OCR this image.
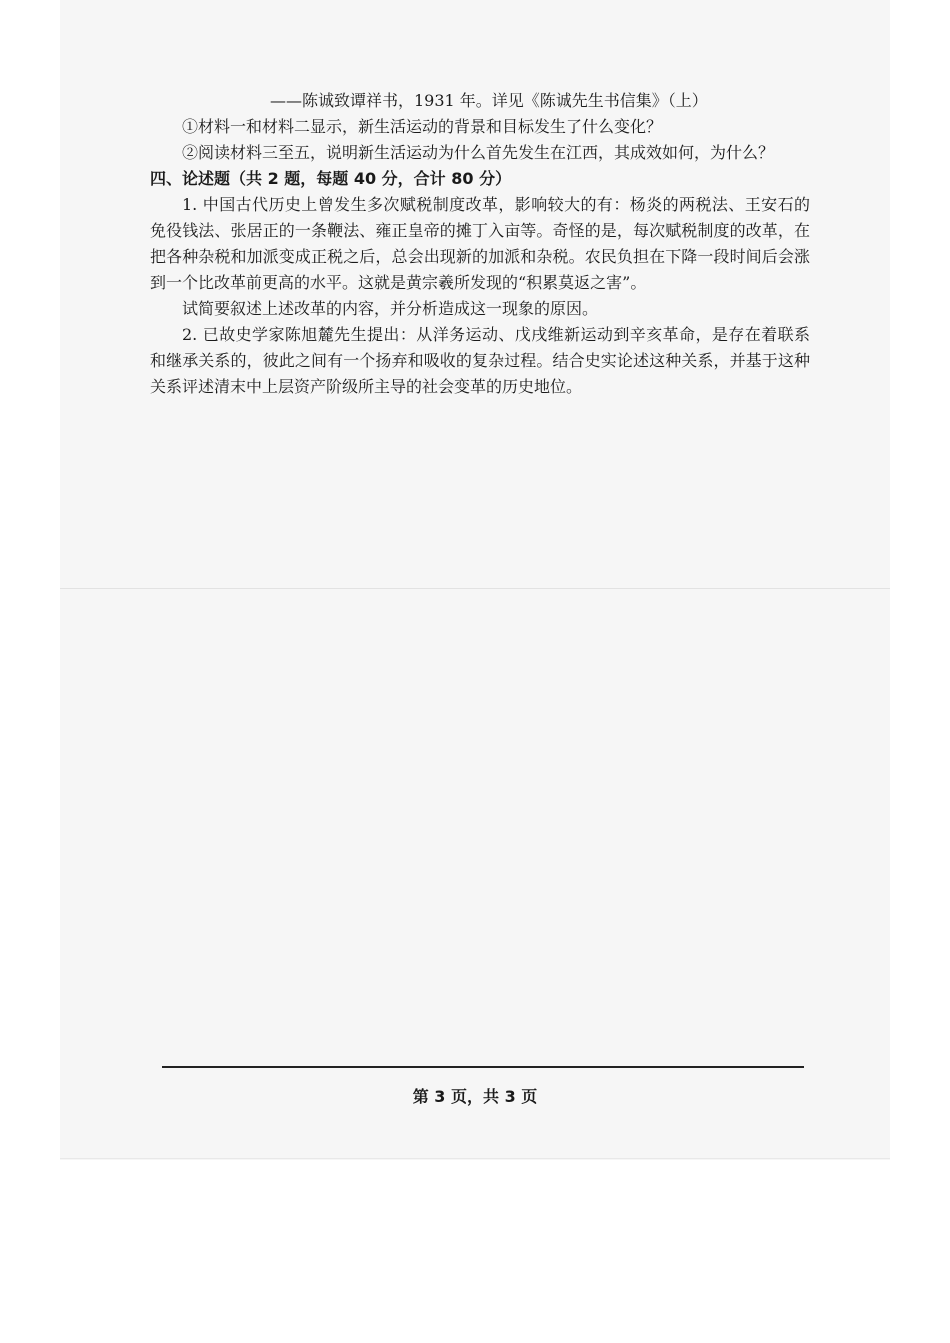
——陈诚致谭祥书，1931 年。详见《陈诚先生书信集》（上）

①材料一和材料二显示，新生活运动的背景和目标发生了什么变化？

②阅读材料三至五，说明新生活运动为什么首先发生在江西，其成效如何，为什么？

四、论述题（共 2 题，每题 40 分，合计 80 分）

1. 中国古代历史上曾发生多次赋税制度改革，影响较大的有：杨炎的两税法、王安石的免役钱法、张居正的一条鞭法、雍正皇帝的摊丁入亩等。奇怪的是，每次赋税制度的改革，在把各种杂税和加派变成正税之后，总会出现新的加派和杂税。农民负担在下降一段时间后会涨到一个比改革前更高的水平。这就是黄宗羲所发现的“积累莫返之害”。

试简要叙述上述改革的内容，并分析造成这一现象的原因。

2. 已故史学家陈旭麓先生提出：从洋务运动、戊戌维新运动到辛亥革命，是存在着联系和继承关系的，彼此之间有一个扬弃和吸收的复杂过程。结合史实论述这种关系，并基于这种关系评述清末中上层资产阶级所主导的社会变革的历史地位。

第 3 页，共 3 页
